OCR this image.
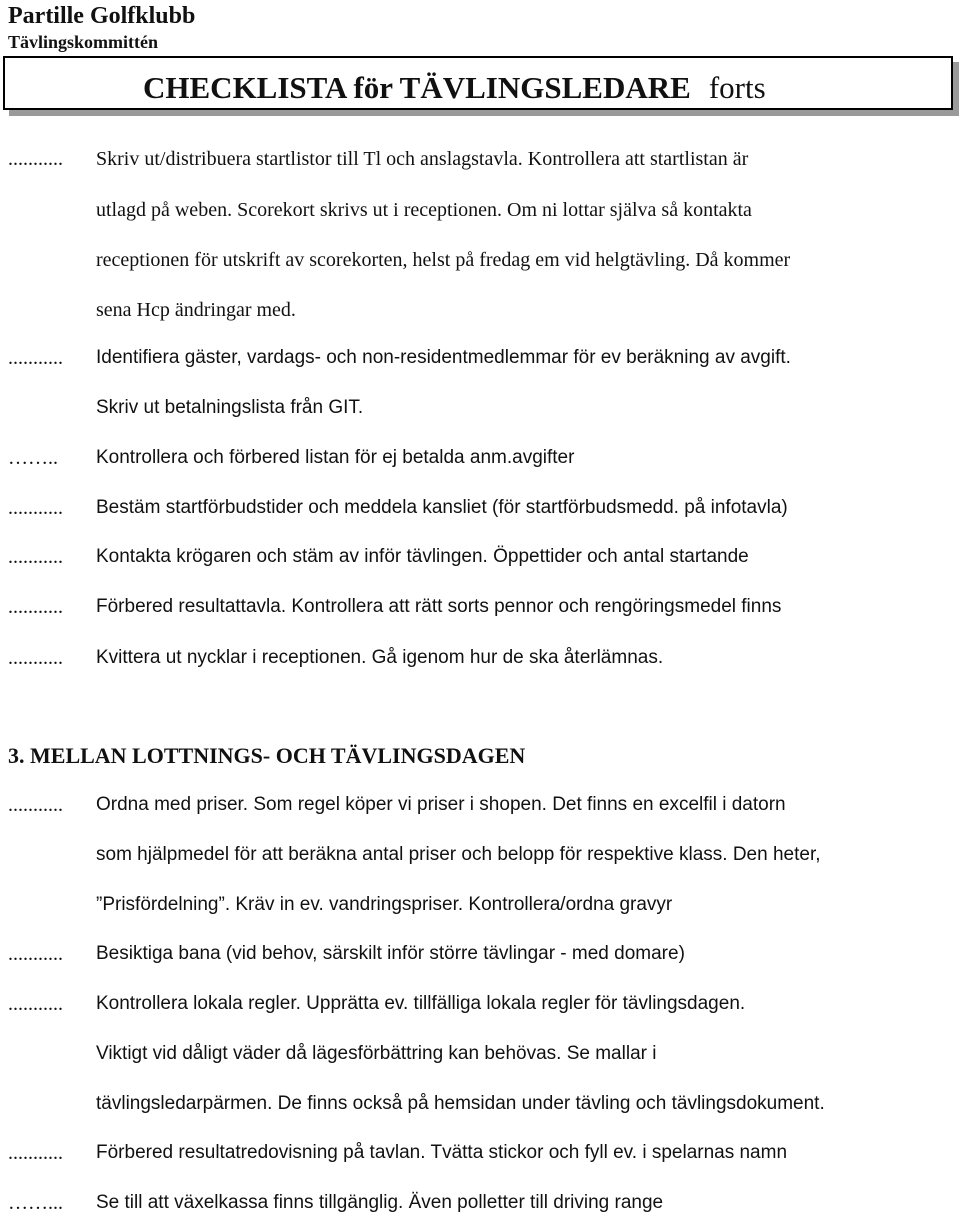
Partille Golfklubb
Tävlingskommittén
CHECKLISTA för TÄVLINGSLEDARE forts
........... Skriv ut/distribuera startlistor till Tl och anslagstavla. Kontrollera att startlistan är
utlagd på weben. Scorekort skrivs ut i receptionen. Om ni lottar själva så kontakta
receptionen för utskrift av scorekorten, helst på fredag em vid helgtävling. Då kommer
sena Hcp ändringar med.
........... Identifiera gäster, vardags- och non-residentmedlemmar för ev beräkning av avgift.
Skriv ut betalningslista från GIT.
…….. Kontrollera och förbered listan för ej betalda anm.avgifter
........... Bestäm startförbudstider och meddela kansliet (för startförbudsmedd. på infotavla)
........... Kontakta krögaren och stäm av inför tävlingen. Öppettider och antal startande
........... Förbered resultattavla. Kontrollera att rätt sorts pennor och rengöringsmedel finns
........... Kvittera ut nycklar i receptionen. Gå igenom hur de ska återlämnas.
3. MELLAN LOTTNINGS- OCH TÄVLINGSDAGEN
........... Ordna med priser. Som regel köper vi priser i shopen. Det finns en excelfil i datorn
som hjälpmedel för att beräkna antal priser och belopp för respektive klass. Den heter,
”Prisfördelning”. Kräv in ev. vandringspriser. Kontrollera/ordna gravyr
........... Besiktiga bana (vid behov, särskilt inför större tävlingar - med domare)
........... Kontrollera lokala regler. Upprätta ev. tillfälliga lokala regler för tävlingsdagen.
Viktigt vid dåligt väder då lägesförbättring kan behövas. Se mallar i
tävlingsledarpärmen. De finns också på hemsidan under tävling och tävlingsdokument.
........... Förbered resultatredovisning på tavlan. Tvätta stickor och fyll ev. i spelarnas namn
……... Se till att växelkassa finns tillgänglig. Även polletter till driving range
